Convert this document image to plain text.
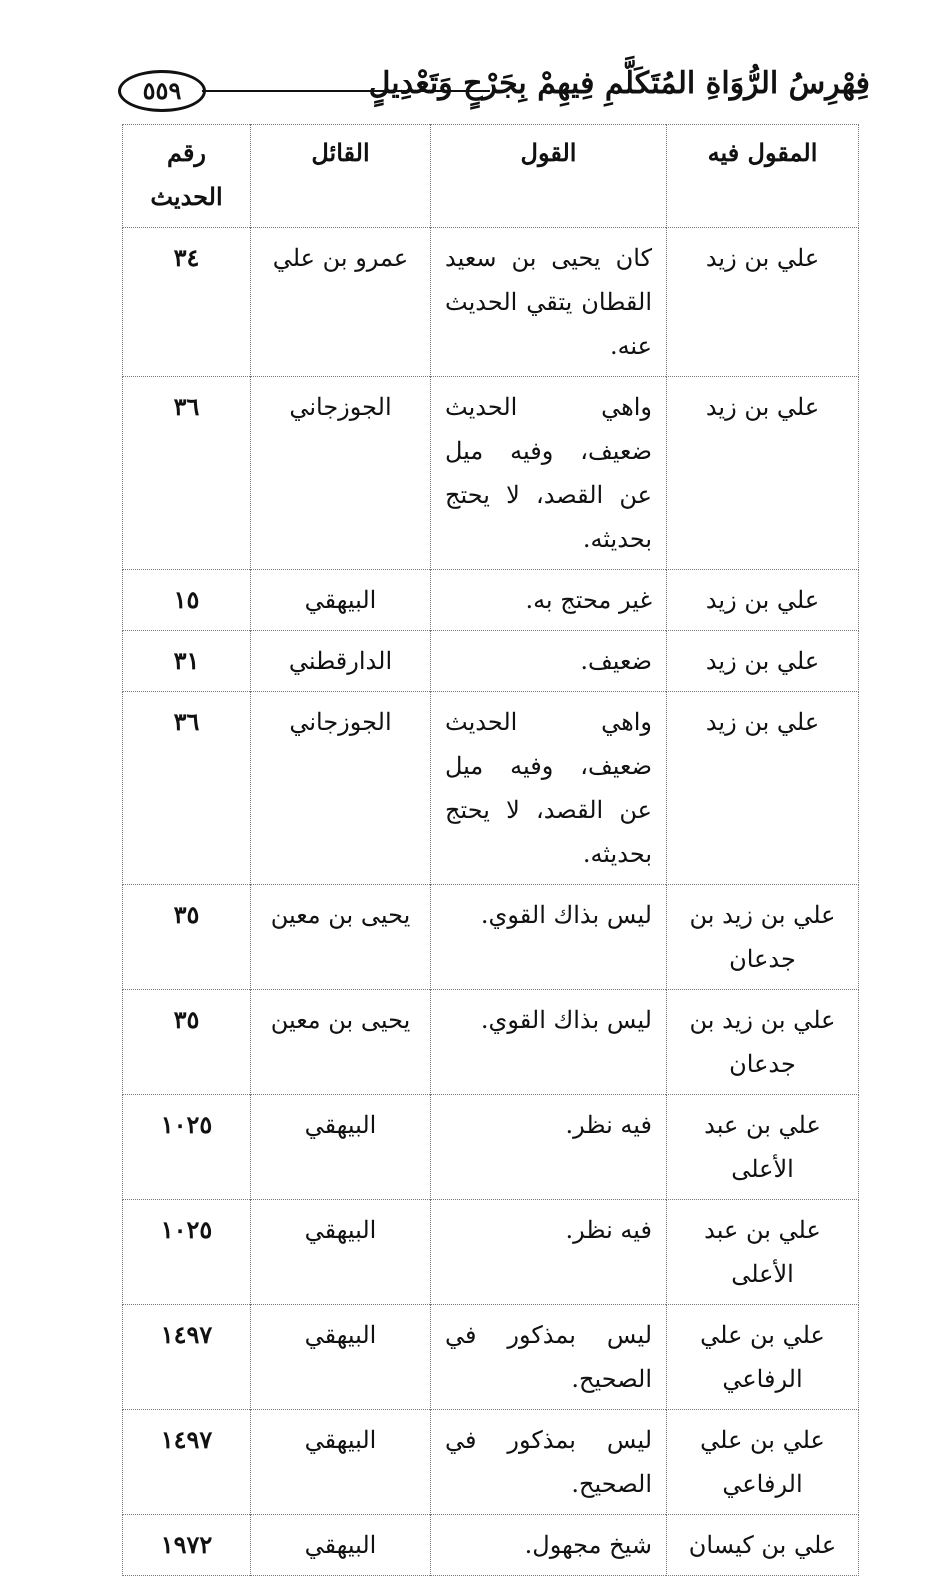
فِهْرِسُ الرُّوَاةِ المُتَكَلَّمِ فِيهِمْ بِجَرْحٍ وَتَعْدِيلٍ
٥٥٩
المقول فيه	القول	القائل	رقم الحديث
علي بن زيد	كان يحيى بن سعيد القطان يتقي الحديث عنه.	عمرو بن علي	٣٤
علي بن زيد	واهي الحديث ضعيف، وفيه ميل عن القصد، لا يحتج بحديثه.	الجوزجاني	٣٦
علي بن زيد	غير محتج به.	البيهقي	١٥
علي بن زيد	ضعيف.	الدارقطني	٣١
علي بن زيد	واهي الحديث ضعيف، وفيه ميل عن القصد، لا يحتج بحديثه.	الجوزجاني	٣٦
علي بن زيد بن جدعان	ليس بذاك القوي.	يحيى بن معين	٣٥
علي بن زيد بن جدعان	ليس بذاك القوي.	يحيى بن معين	٣٥
علي بن عبد الأعلى	فيه نظر.	البيهقي	١٠٢٥
علي بن عبد الأعلى	فيه نظر.	البيهقي	١٠٢٥
علي بن علي الرفاعي	ليس بمذكور في الصحيح.	البيهقي	١٤٩٧
علي بن علي الرفاعي	ليس بمذكور في الصحيح.	البيهقي	١٤٩٧
علي بن كيسان	شيخ مجهول.	البيهقي	١٩٧٢
